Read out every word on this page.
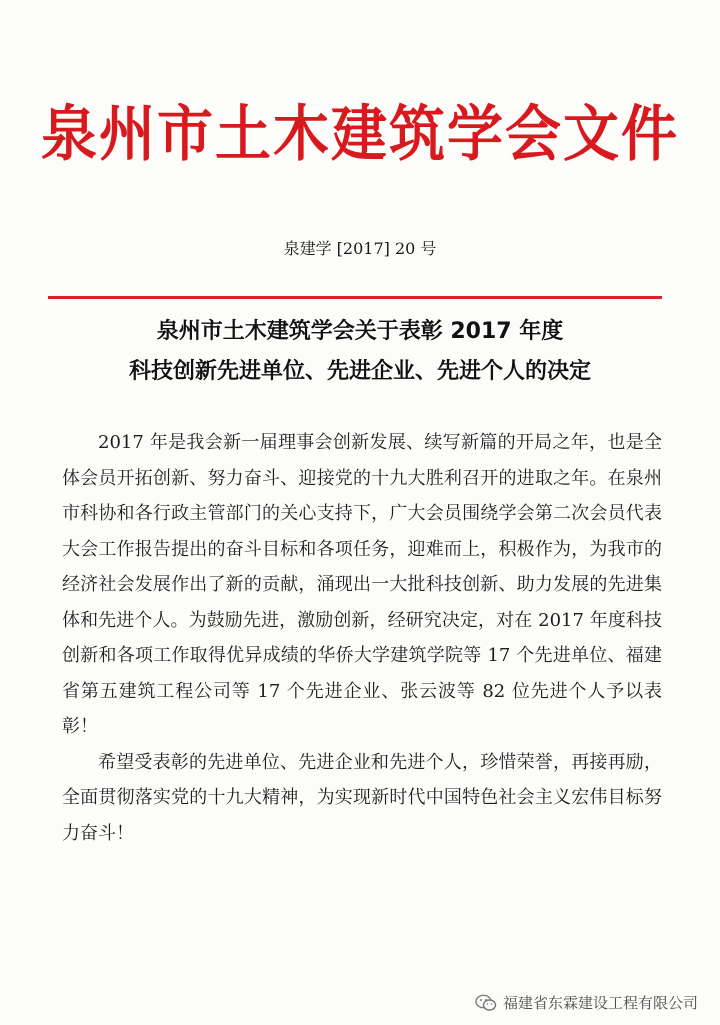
泉州市土木建筑学会文件
泉建学 [2017] 20 号
泉州市土木建筑学会关于表彰 2017 年度
科技创新先进单位、先进企业、先进个人的决定

2017 年是我会新一届理事会创新发展、续写新篇的开局之年，也是全体会员开拓创新、努力奋斗、迎接党的十九大胜利召开的进取之年。在泉州市科协和各行政主管部门的关心支持下，广大会员围绕学会第二次会员代表大会工作报告提出的奋斗目标和各项任务，迎难而上，积极作为，为我市的经济社会发展作出了新的贡献，涌现出一大批科技创新、助力发展的先进集体和先进个人。为鼓励先进，激励创新，经研究决定，对在 2017 年度科技创新和各项工作取得优异成绩的华侨大学建筑学院等 17 个先进单位、福建省第五建筑工程公司等 17 个先进企业、张云波等 82 位先进个人予以表彰！

希望受表彰的先进单位、先进企业和先进个人，珍惜荣誉，再接再励，全面贯彻落实党的十九大精神，为实现新时代中国特色社会主义宏伟目标努力奋斗！

福建省东霖建设工程有限公司
